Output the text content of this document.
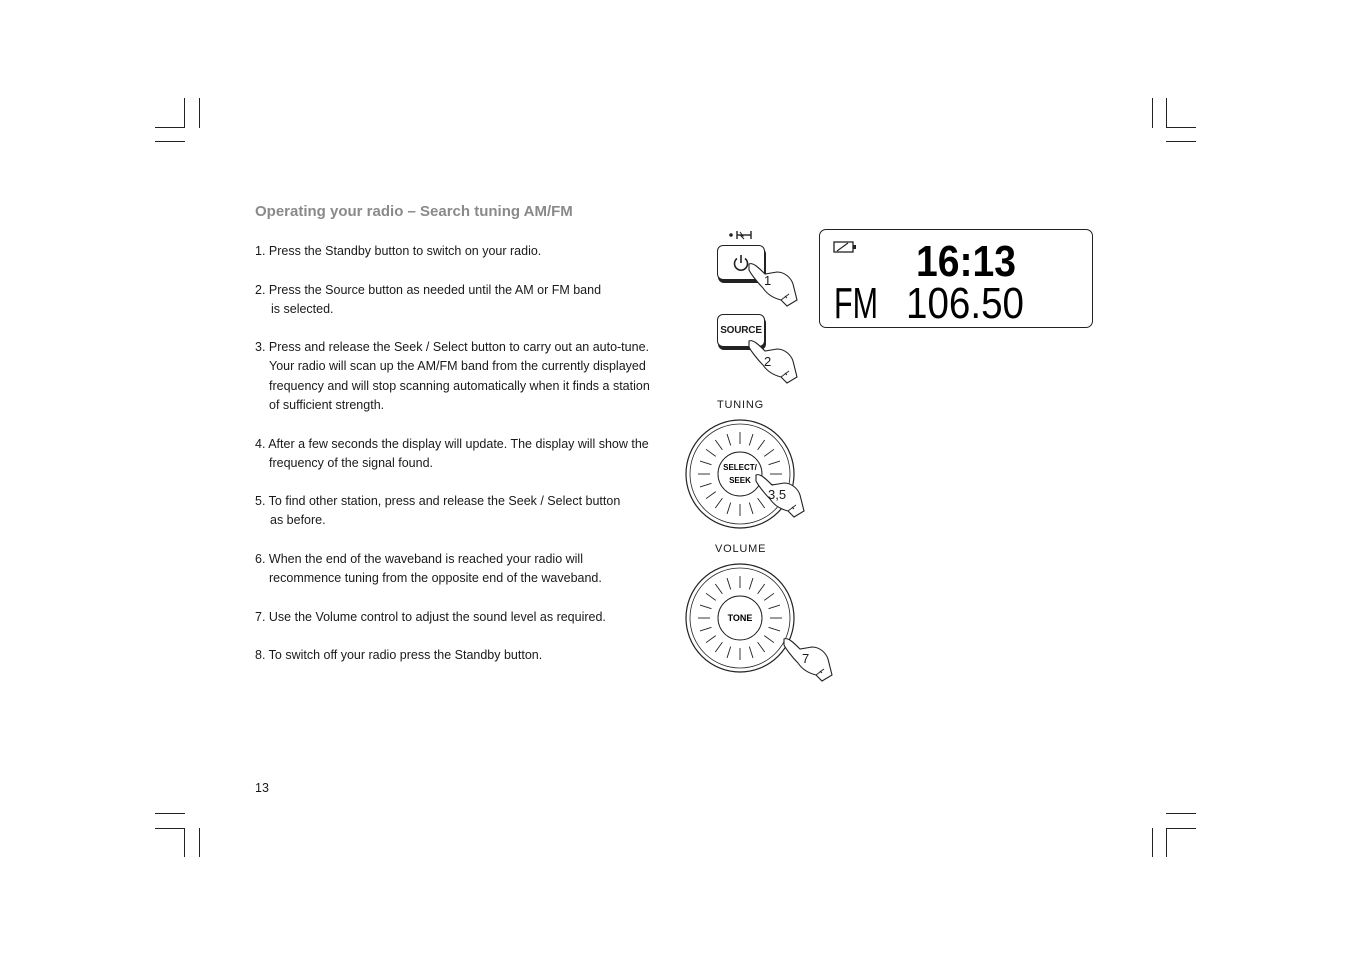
Operating your radio – Search tuning AM/FM
1. Press the Standby button to switch on your radio.
2. Press the Source button as needed until the AM or FM band
is selected.
3. Press and release the Seek / Select button to carry out an auto-tune.
Your radio will scan up the AM/FM band from the currently displayed
frequency and will stop scanning automatically when it finds a station
of sufficient strength.
4. After a few seconds the display will update. The display will show the
frequency of the signal found.
5. To find other station, press and release the Seek / Select button
as before.
6. When the end of the waveband is reached your radio will
recommence tuning from the opposite end of the waveband.
7. Use the Volume control to adjust the sound level as required.
8. To switch off your radio press the Standby button.
13
1
SOURCE
2
TUNING
SELECT/
SEEK
3,5
VOLUME
TONE
7
16:13
FM 106.50
